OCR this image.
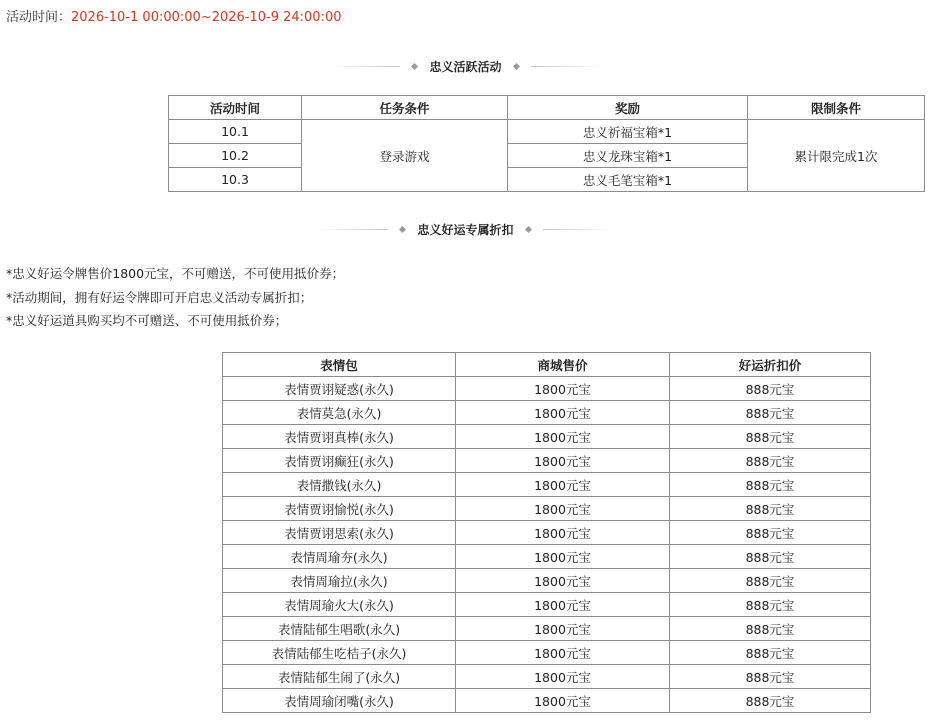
活动时间：2026-10-1 00:00:00~2026-10-9 24:00:00
忠义活跃活动
活动时间	任务条件	奖励	限制条件
10.1	登录游戏	忠义祈福宝箱*1	累计限完成1次
10.2		忠义龙珠宝箱*1	
10.3		忠义毛笔宝箱*1	
忠义好运专属折扣
*忠义好运令牌售价1800元宝，不可赠送，不可使用抵价券；
*活动期间，拥有好运令牌即可开启忠义活动专属折扣；
*忠义好运道具购买均不可赠送、不可使用抵价券；
表情包	商城售价	好运折扣价
表情贾诩疑惑(永久)	1800元宝	888元宝
表情莫急(永久)	1800元宝	888元宝
表情贾诩真棒(永久)	1800元宝	888元宝
表情贾诩癫狂(永久)	1800元宝	888元宝
表情撒钱(永久)	1800元宝	888元宝
表情贾诩愉悦(永久)	1800元宝	888元宝
表情贾诩思索(永久)	1800元宝	888元宝
表情周瑜夯(永久)	1800元宝	888元宝
表情周瑜拉(永久)	1800元宝	888元宝
表情周瑜火大(永久)	1800元宝	888元宝
表情陆郁生唱歌(永久)	1800元宝	888元宝
表情陆郁生吃桔子(永久)	1800元宝	888元宝
表情陆郁生闹了(永久)	1800元宝	888元宝
表情周瑜闭嘴(永久)	1800元宝	888元宝
